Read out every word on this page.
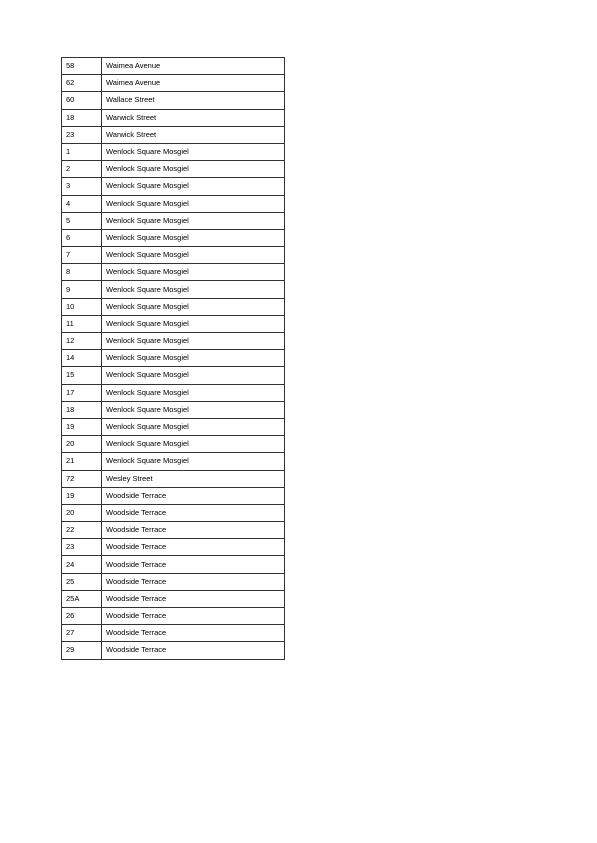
58	Waimea Avenue
62	Waimea Avenue
60	Wallace Street
18	Warwick Street
23	Warwick Street
1	Wenlock Square Mosgiel
2	Wenlock Square Mosgiel
3	Wenlock Square Mosgiel
4	Wenlock Square Mosgiel
5	Wenlock Square Mosgiel
6	Wenlock Square Mosgiel
7	Wenlock Square Mosgiel
8	Wenlock Square Mosgiel
9	Wenlock Square Mosgiel
10	Wenlock Square Mosgiel
11	Wenlock Square Mosgiel
12	Wenlock Square Mosgiel
14	Wenlock Square Mosgiel
15	Wenlock Square Mosgiel
17	Wenlock Square Mosgiel
18	Wenlock Square Mosgiel
19	Wenlock Square Mosgiel
20	Wenlock Square Mosgiel
21	Wenlock Square Mosgiel
72	Wesley Street
19	Woodside Terrace
20	Woodside Terrace
22	Woodside Terrace
23	Woodside Terrace
24	Woodside Terrace
25	Woodside Terrace
25A	Woodside Terrace
26	Woodside Terrace
27	Woodside Terrace
29	Woodside Terrace
